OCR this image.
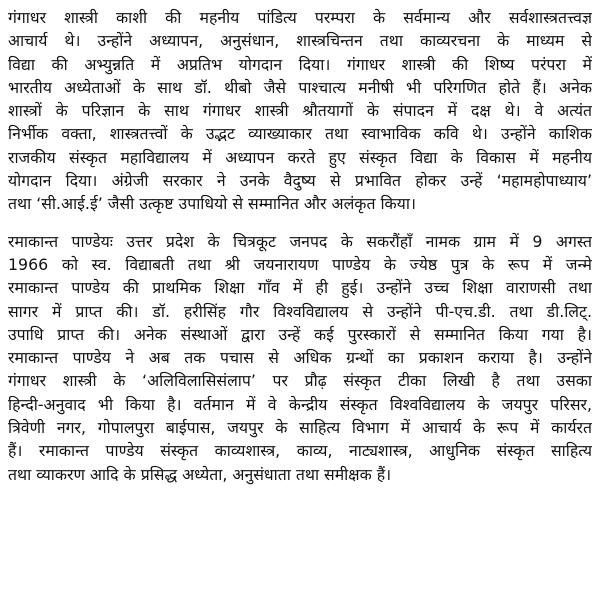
गंगाधर शास्त्री काशी की महनीय पांडित्य परम्परा के सर्वमान्य और सर्वशास्त्रतत्त्वज्ञ
आचार्य थे। उन्होंने अध्यापन, अनुसंधान, शास्त्रचिन्तन तथा काव्यरचना के माध्यम से
विद्या की अभ्युन्नति में अप्रतिभ योगदान दिया। गंगाधर शास्त्री की शिष्य परंपरा में
भारतीय अध्येताओं के साथ डॉ. थीबो जैसे पाश्चात्य मनीषी भी परिगणित होते हैं। अनेक
शास्त्रों के परिज्ञान के साथ गंगाधर शास्त्री श्रौतयागों के संपादन में दक्ष थे। वे अत्यंत
निर्भीक वक्ता, शास्त्रतत्त्वों के उद्भट व्याख्याकार तथा स्वाभाविक कवि थे। उन्होंने काशिक
राजकीय संस्कृत महाविद्यालय में अध्यापन करते हुए संस्कृत विद्या के विकास में महनीय
योगदान दिया। अंग्रेजी सरकार ने उनके वैदुष्य से प्रभावित होकर उन्हें ‘महामहोपाध्याय’
तथा ‘सी.आई.ई’ जैसी उत्कृष्ट उपाधियो से सम्मानित और अलंकृत किया।
रमाकान्त पाण्डेयः उत्तर प्रदेश के चित्रकूट जनपद के सकरौंहाँ नामक ग्राम में 9 अगस्त
1966 को स्व. विद्याबती तथा श्री जयनारायण पाण्डेय के ज्येष्ठ पुत्र के रूप में जन्मे
रमाकान्त पाण्डेय की प्राथमिक शिक्षा गाँव में ही हुई। उन्होंने उच्च शिक्षा वाराणसी तथा
सागर में प्राप्त की। डॉ. हरीसिंह गौर विश्वविद्यालय से उन्होंने पी-एच.डी. तथा डी.लिट्.
उपाधि प्राप्त की। अनेक संस्थाओं द्वारा उन्हें कई पुरस्कारों से सम्मानित किया गया है।
रमाकान्त पाण्डेय ने अब तक पचास से अधिक ग्रन्थों का प्रकाशन कराया है। उन्होंने
गंगाधर शास्त्री के ‘अलिविलासिसंलाप’ पर प्रौढ़ संस्कृत टीका लिखी है तथा उसका
हिन्दी-अनुवाद भी किया है। वर्तमान में वे केन्द्रीय संस्कृत विश्वविद्यालय के जयपुर परिसर,
त्रिवेणी नगर, गोपालपुरा बाईपास, जयपुर के साहित्य विभाग में आचार्य के रूप में कार्यरत
हैं। रमाकान्त पाण्डेय संस्कृत काव्यशास्त्र, काव्य, नाट्यशास्त्र, आधुनिक संस्कृत साहित्य
तथा व्याकरण आदि के प्रसिद्ध अध्येता, अनुसंधाता तथा समीक्षक हैं।
